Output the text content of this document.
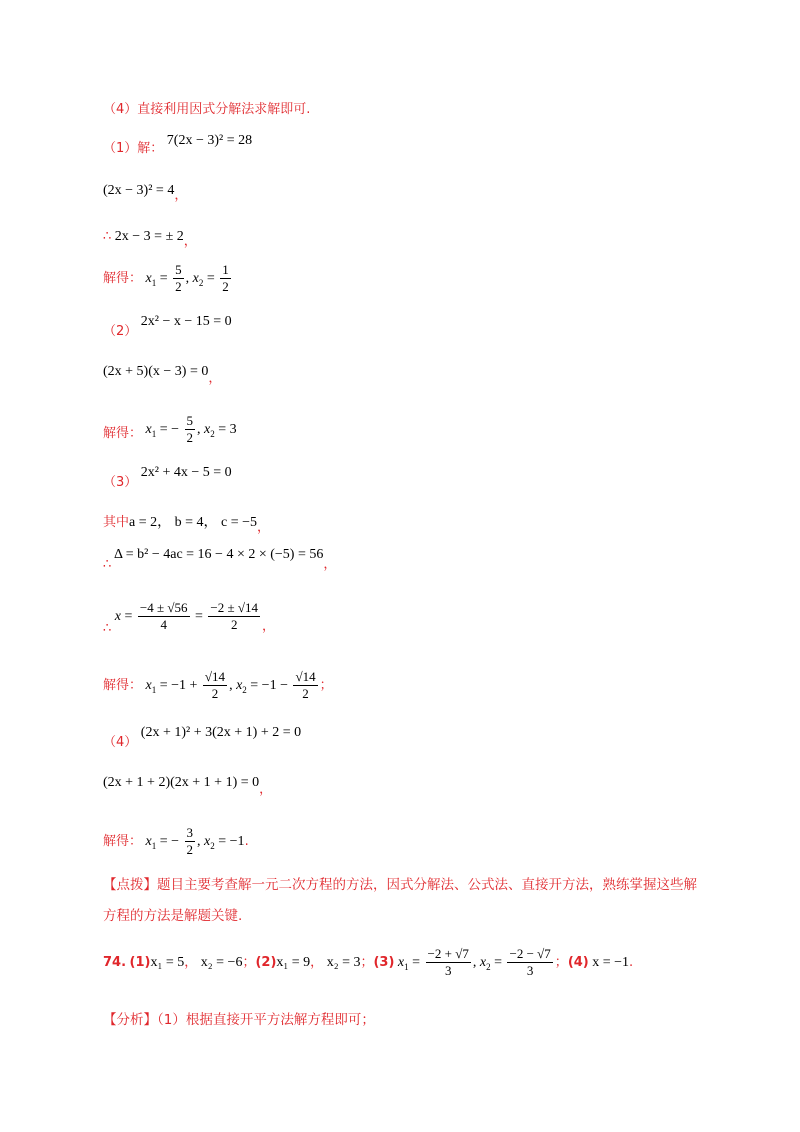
（4）直接利用因式分解法求解即可.
（1）解： 7(2x − 3)² = 28
(2x − 3)² = 4，
∴ 2x − 3 = ± 2，
解得： $x_1 = \frac{5}{2}$ , $x_2 = \frac{1}{2}$
（2） 2x² − x − 15 = 0
(2x + 5)(x − 3) = 0，
解得： $x_1$ = − $\frac{5}{2}$ , $x_2 = 3$
（3） 2x² + 4x − 5 = 0
其中a = 2， b = 4， c = −5，
∴ Δ = b² − 4ac = 16 − 4 × 2 × (−5) = 56，
∴ $x = \frac{-4 \pm √56}{4} = \frac{-2 \pm √14}{2}$ ，
解得： $x_1 = -1 + \frac{√14}{2}$ , $x_2 = -1 - \frac{√14}{2}$ ；
（4） (2x + 1)² + 3(2x + 1) + 2 = 0
(2x + 1 + 2)(2x + 1 + 1) = 0，
解得： $x_1$ = − $\frac{3}{2}$ , $x_2 = -1$.
【点拨】题目主要考查解一元二次方程的方法，因式分解法、公式法、直接开方法，熟练掌握这些解
方程的方法是解题关键.
74. (1)x₁ = 5， x₂ = −6；(2)x₁ = 9， x₂ = 3；(3) $x_1 = \frac{-2 + √7}{3}$ , $x_2 = \frac{-2 - √7}{3}$ ；(4) x = −1.
【分析】（1）根据直接开平方法解方程即可；
